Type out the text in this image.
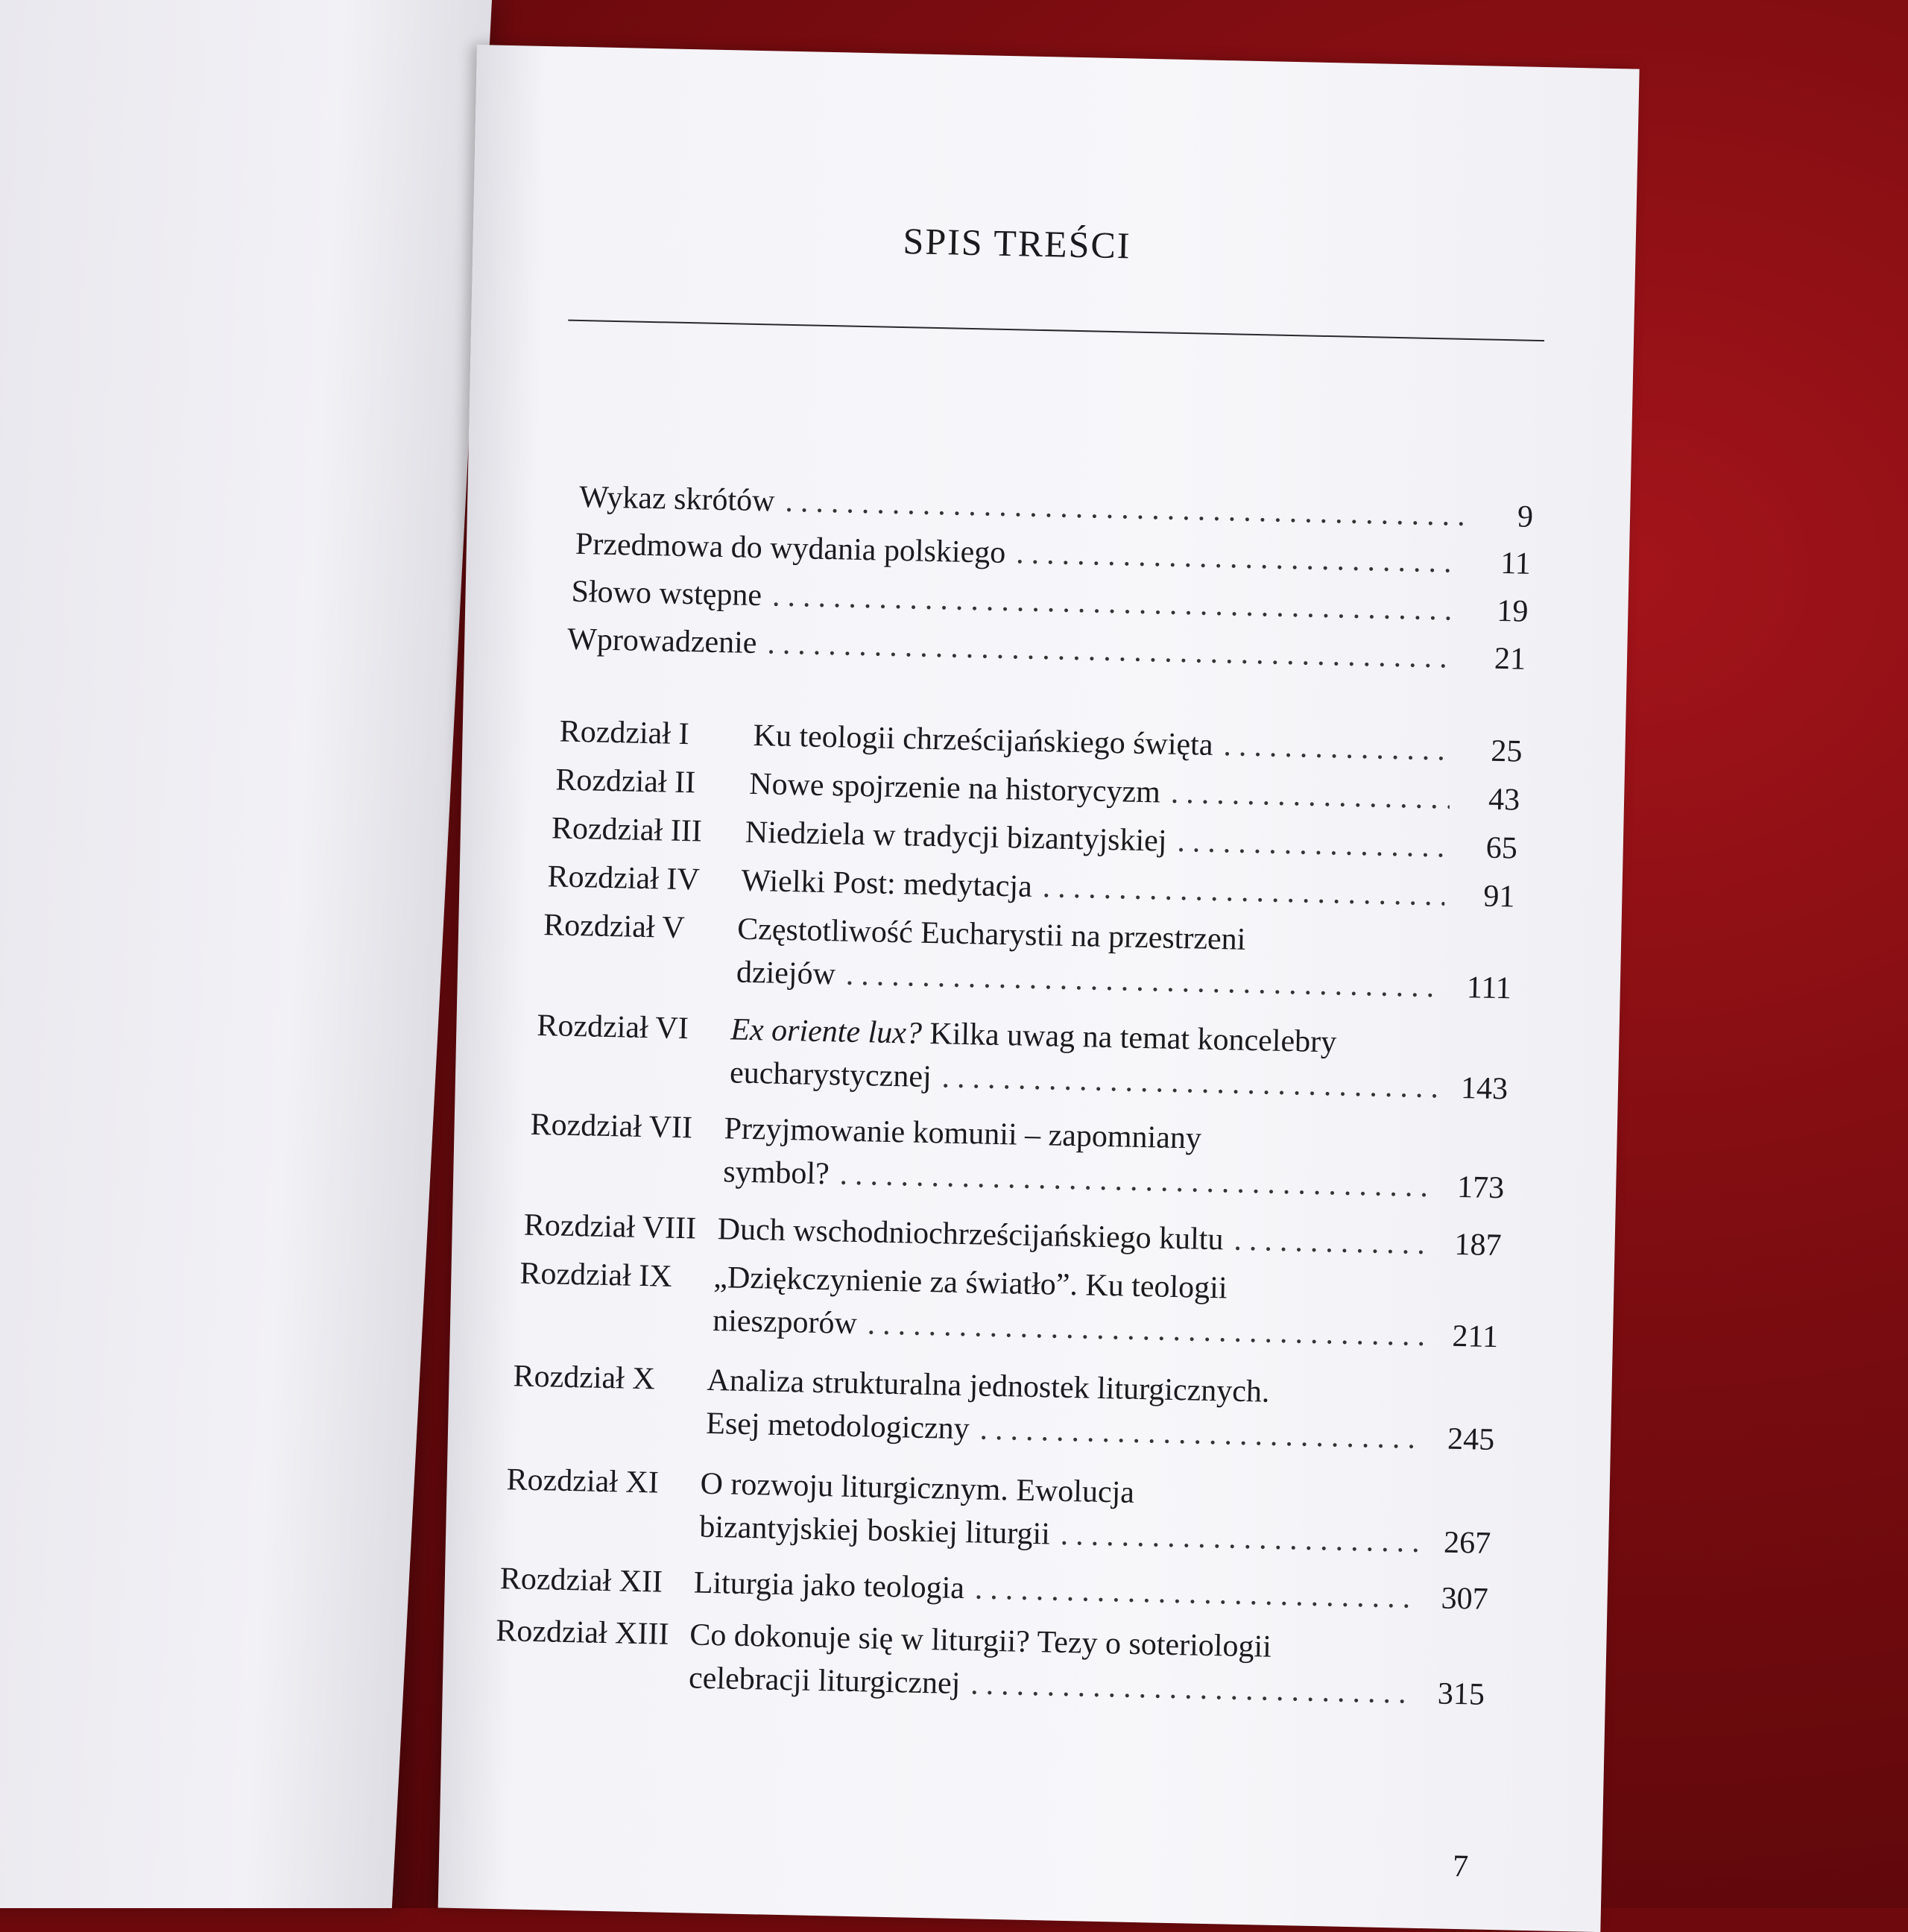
SPIS TREŚCI
Wykaz skrótów .....	9
Przedmowa do wydania polskiego .....	11
Słowo wstępne .....	19
Wprowadzenie .....	21
Rozdział I Ku teologii chrześcijańskiego święta .....	25
Rozdział II Nowe spojrzenie na historycyzm .....	43
Rozdział III Niedziela w tradycji bizantyjskiej .....	65
Rozdział IV Wielki Post: medytacja .....	91
Rozdział V Częstotliwość Eucharystii na przestrzeni
dziejów .....	111
Rozdział VI Ex oriente lux? Kilka uwag na temat koncelebry
eucharystycznej .....	143
Rozdział VII Przyjmowanie komunii – zapomniany
symbol? .....	173
Rozdział VIII Duch wschodniochrześcijańskiego kultu .....	187
Rozdział IX „Dziękczynienie za światło”. Ku teologii
nieszporów .....	211
Rozdział X Analiza strukturalna jednostek liturgicznych.
Esej metodologiczny .....	245
Rozdział XI O rozwoju liturgicznym. Ewolucja
bizantyjskiej boskiej liturgii .....	267
Rozdział XII Liturgia jako teologia .....	307
Rozdział XIII Co dokonuje się w liturgii? Tezy o soteriologii
celebracji liturgicznej .....	315
7
